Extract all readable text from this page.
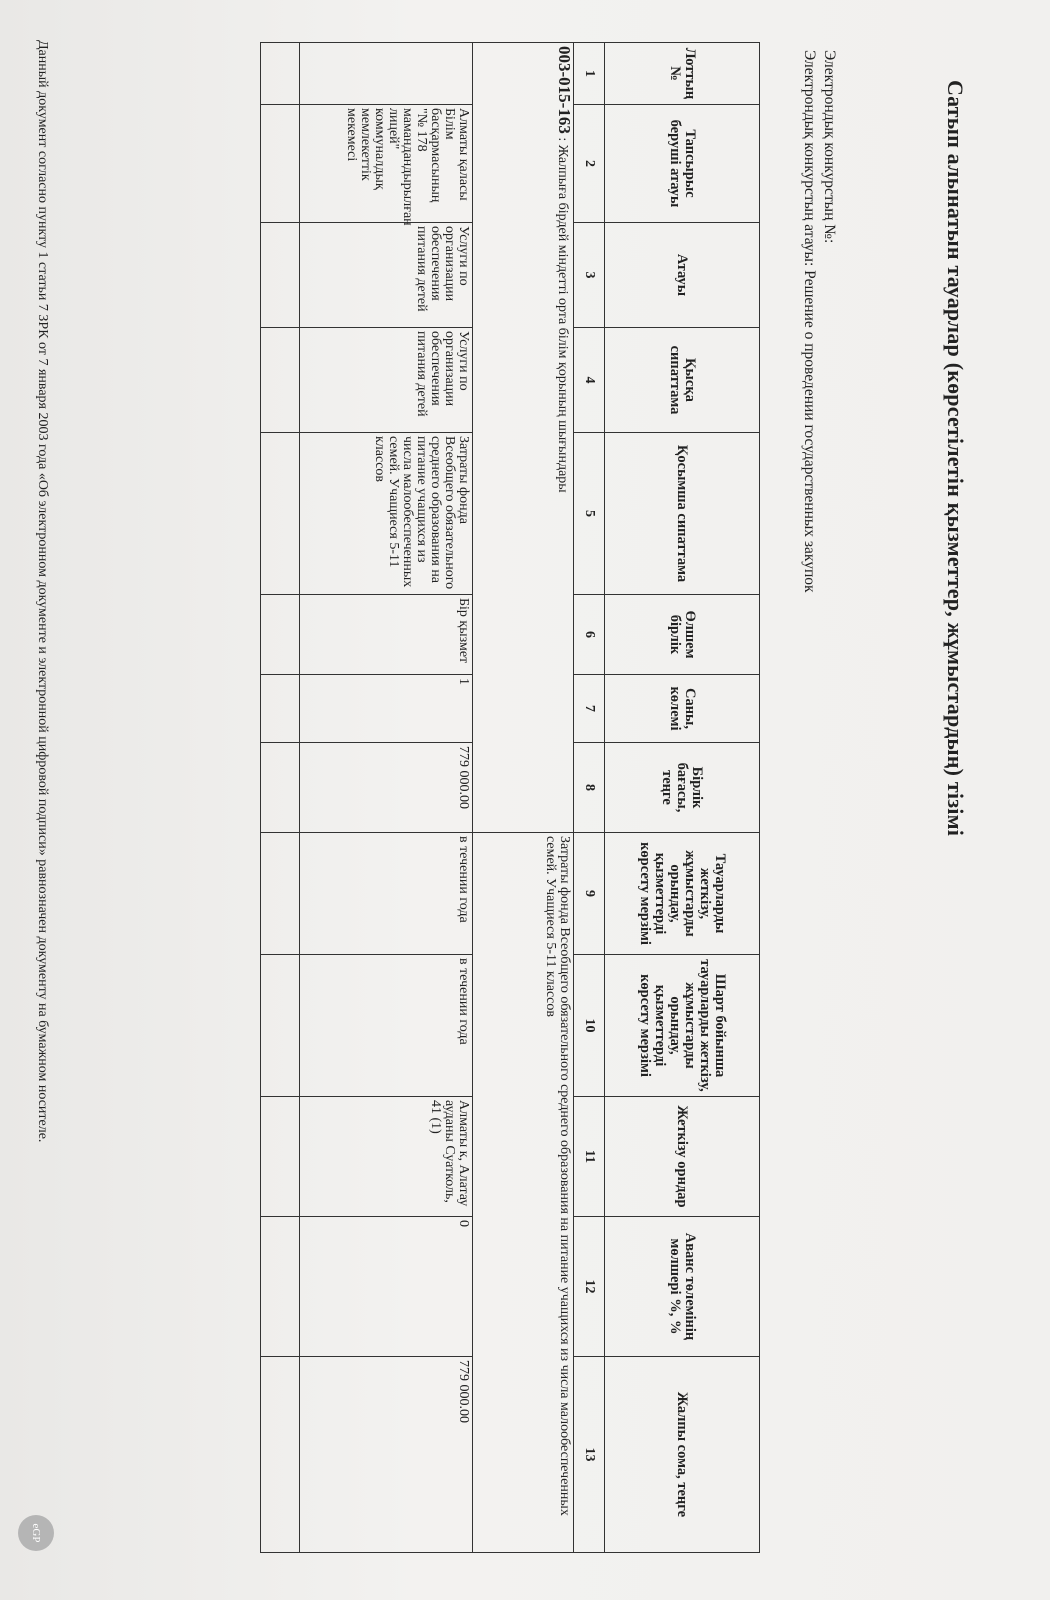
Сатып алынатын тауарлар (көрсетілетін қызметтер, жұмыстардың) тізімі
Электрондық конкурстың №:
Электрондық конкурстың атауы: Решение о проведении государственных закупок
Лоттың №	Тапсырыс беруші атауы	Атауы	Қысқа сипаттама	Қосымша сипаттама	Өлшем бірлік	Саны, көлемі	Бірлік бағасы, теңге	Тауарларды жеткізу, жұмыстарды орындау, қызметтерді көрсету мерзімі	Шарт бойынша тауарларды жеткізу, жұмыстарды орындау, қызметтерді көрсету мерзімі	Жеткізу орндар	Аванс төлемінің мөлшері %, %	Жалпы сома, теңге
1	2	3	4	5	6	7	8	9	10	11	12	13
003-015-163 : Жалпыға бірдей міндетті орта білім қорының шығындары								Затраты фонда Всеобщего обязательного среднего образования на питание учащихся из числа малообеспеченных семей. Учащиеся 5-11 классов				
	Алматы қаласы Білім басқармасының "№ 178 мамандандырылған лицей" коммуналдық мемлекеттік мекемесі	Услуги по организации обеспечения питания детей	Услуги по организации обеспечения питания детей	Затраты фонда Всеобщего обязательного среднего образования на питание учащихся из числа малообеспеченных семей. Учащиеся 5-11 классов	Бір қызмет	1	779 000.00	в течении года	в течении года	Алматы к, Алатау ауданы Суатколь, 41 (1)	0	779 000.00

Данный документ согласно пункту 1 статьи 7 ЗРК от 7 января 2003 года «Об электронном документе и электронной цифровой подписи» равнозначен документу на бумажном носителе.
eGP
